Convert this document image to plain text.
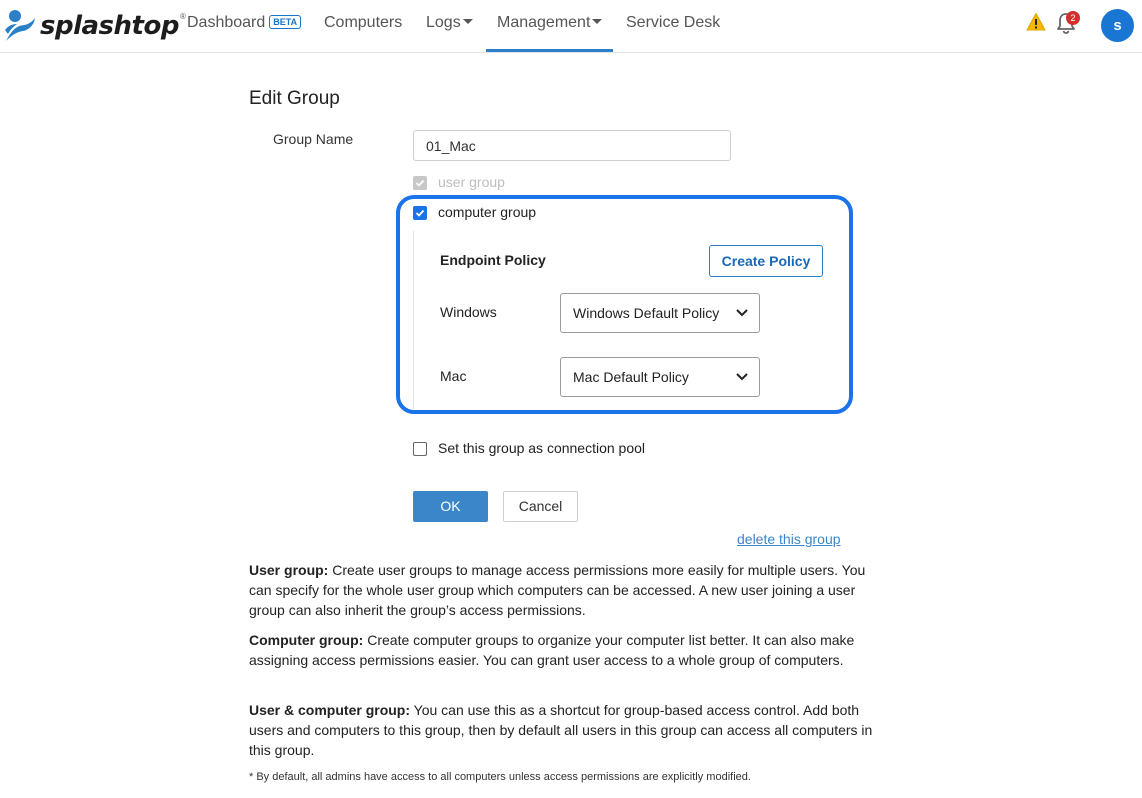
splashtop ® Dashboard BETA Computers Logs	Management	Service Desk	2	s
Edit Group
Group Name
01_Mac
user group
computer group
Endpoint Policy	Create Policy
Windows	Windows Default Policy
Mac	Mac Default Policy
Set this group as connection pool
OK	Cancel
delete this group
User group: Create user groups to manage access permissions more easily for multiple users. You can specify for the whole user group which computers can be accessed. A new user joining a user group can also inherit the group’s access permissions.
Computer group: Create computer groups to organize your computer list better. It can also make assigning access permissions easier. You can grant user access to a whole group of computers.
User & computer group: You can use this as a shortcut for group-based access control. Add both users and computers to this group, then by default all users in this group can access all computers in this group.
* By default, all admins have access to all computers unless access permissions are explicitly modified.
